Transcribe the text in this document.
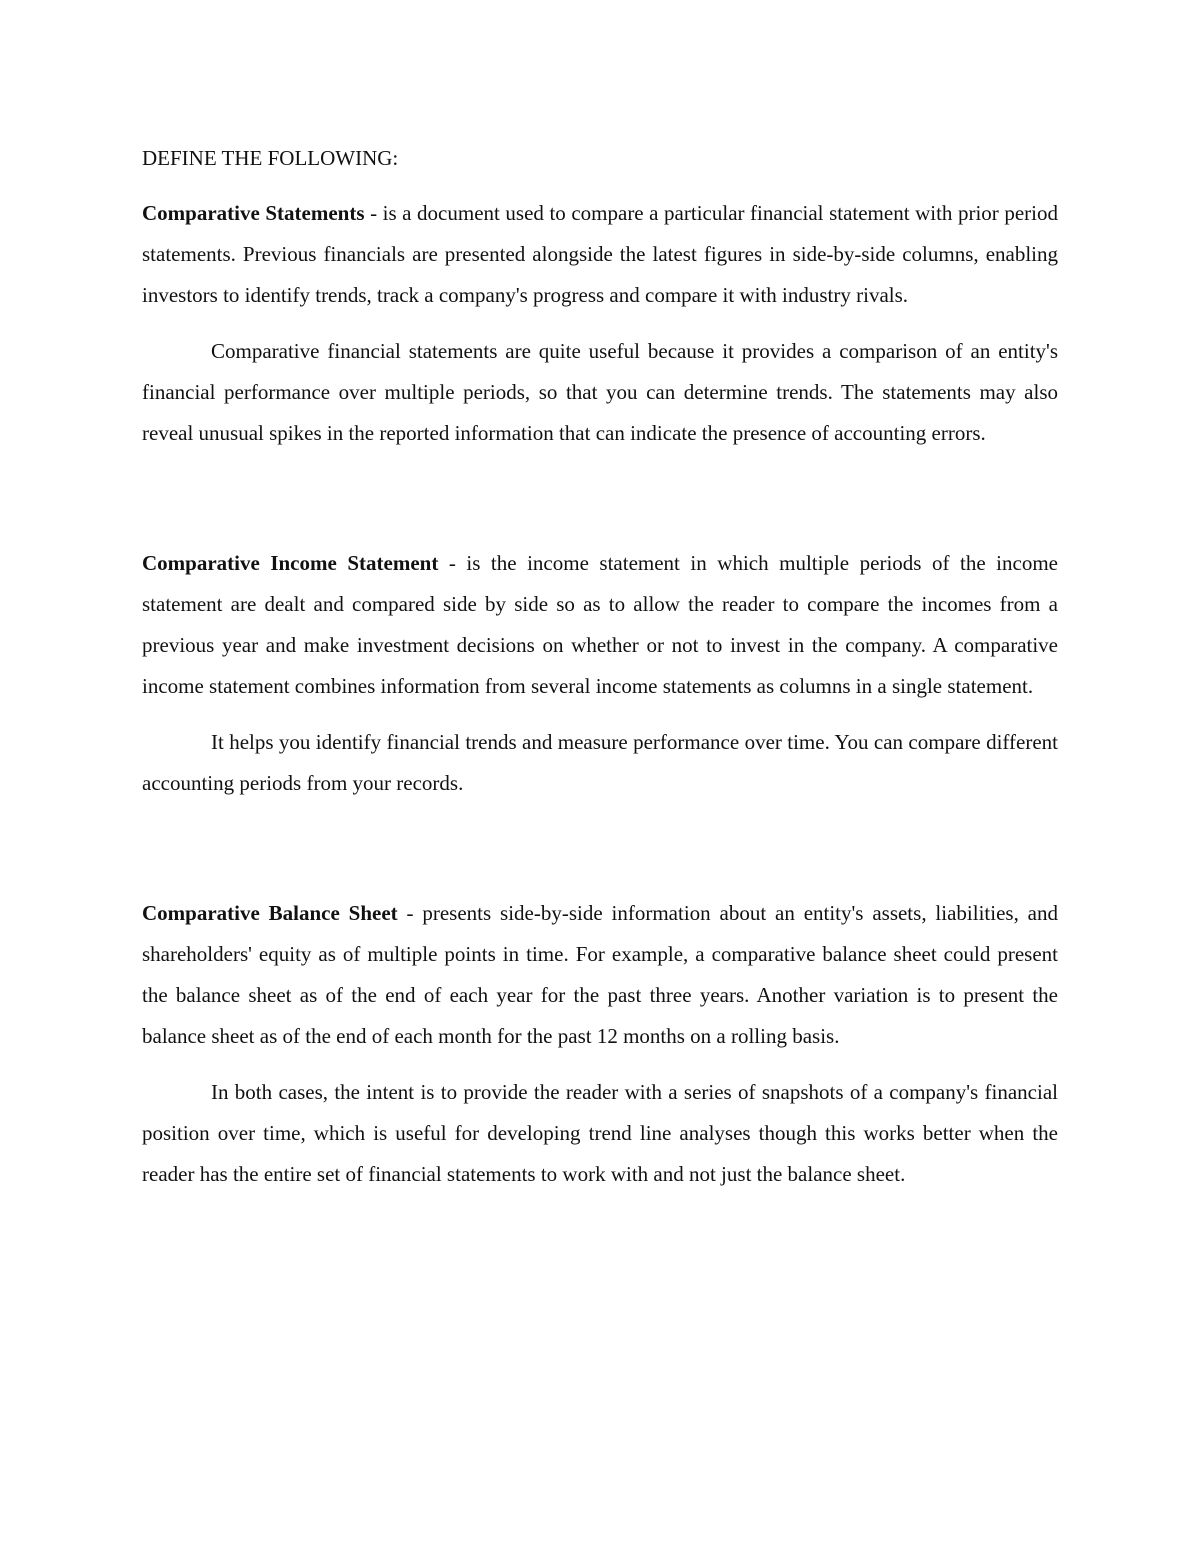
DEFINE THE FOLLOWING:

Comparative Statements - is a document used to compare a particular financial statement with prior period statements. Previous financials are presented alongside the latest figures in side-by-side columns, enabling investors to identify trends, track a company's progress and compare it with industry rivals.

Comparative financial statements are quite useful because it provides a comparison of an entity's financial performance over multiple periods, so that you can determine trends. The statements may also reveal unusual spikes in the reported information that can indicate the presence of accounting errors.

Comparative Income Statement - is the income statement in which multiple periods of the income statement are dealt and compared side by side so as to allow the reader to compare the incomes from a previous year and make investment decisions on whether or not to invest in the company. A comparative income statement combines information from several income statements as columns in a single statement.

It helps you identify financial trends and measure performance over time. You can compare different accounting periods from your records.

Comparative Balance Sheet - presents side-by-side information about an entity's assets, liabilities, and shareholders' equity as of multiple points in time. For example, a comparative balance sheet could present the balance sheet as of the end of each year for the past three years. Another variation is to present the balance sheet as of the end of each month for the past 12 months on a rolling basis.

In both cases, the intent is to provide the reader with a series of snapshots of a company's financial position over time, which is useful for developing trend line analyses though this works better when the reader has the entire set of financial statements to work with and not just the balance sheet.
